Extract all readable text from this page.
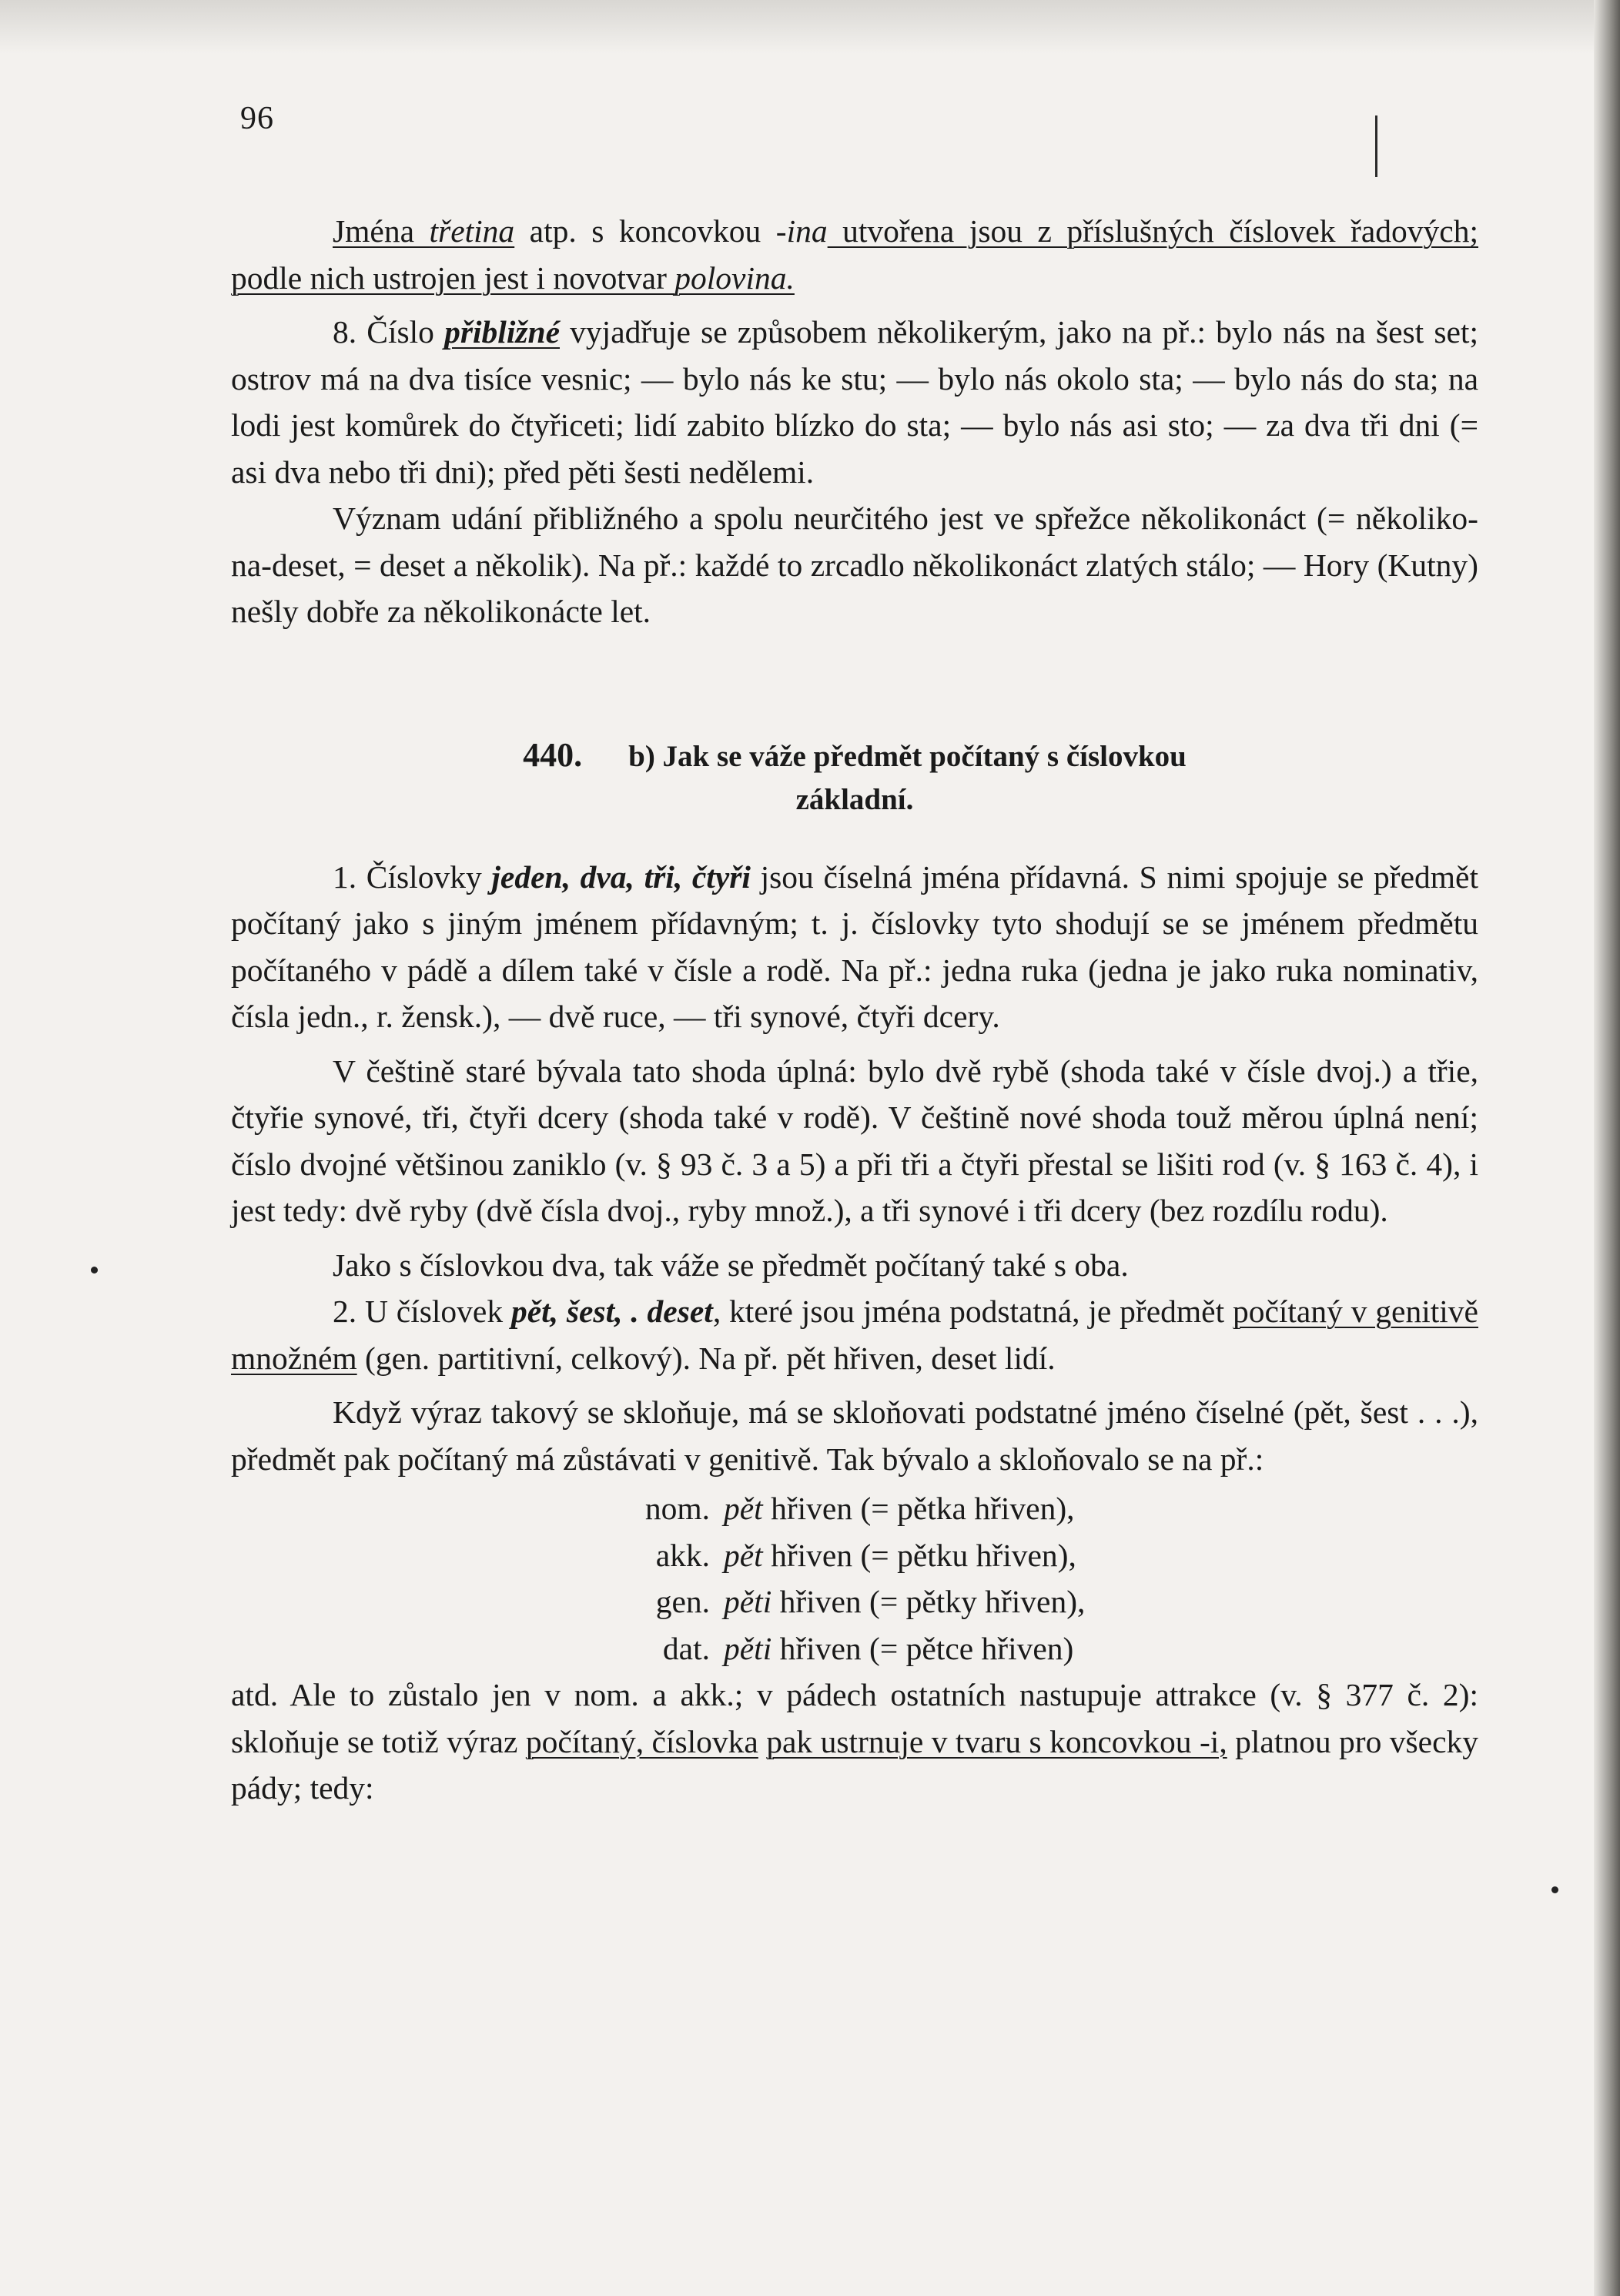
96

Jména třetina atp. s koncovkou -ina utvořena jsou z příslušných číslovek řadových; podle nich ustrojen jest i novotvar polovina.

8. Číslo přibližné vyjadřuje se způsobem několikerým, jako na př.: bylo nás na šest set; ostrov má na dva tisíce vesnic; — bylo nás ke stu; — bylo nás okolo sta; — bylo nás do sta; na lodi jest komůrek do čtyřiceti; lidí zabito blízko do sta; — bylo nás asi sto; — za dva tři dni (= asi dva nebo tři dni); před pěti šesti nedělemi.

Význam udání přibližného a spolu neurčitého jest ve spřežce několikonáct (= několiko-na-deset, = deset a několik). Na př.: každé to zrcadlo několikonáct zlatých stálo; — Hory (Kutny) nešly dobře za několikonácte let.

440. b) Jak se váže předmět počítaný s číslovkou
základní.

1. Číslovky jeden, dva, tři, čtyři jsou číselná jména přídavná. S nimi spojuje se předmět počítaný jako s jiným jménem přídavným; t. j. číslovky tyto shodují se se jménem předmětu počítaného v pádě a dílem také v čísle a rodě. Na př.: jedna ruka (jedna je jako ruka nominativ, čísla jedn., r. žensk.), — dvě ruce, — tři synové, čtyři dcery.

V češtině staré bývala tato shoda úplná: bylo dvě rybě (shoda také v čísle dvoj.) a třie, čtyřie synové, tři, čtyři dcery (shoda také v rodě). V češtině nové shoda touž měrou úplná není; číslo dvojné většinou zaniklo (v. § 93 č. 3 a 5) a při tři a čtyři přestal se lišiti rod (v. § 163 č. 4), i jest tedy: dvě ryby (dvě čísla dvoj., ryby množ.), a tři synové i tři dcery (bez rozdílu rodu).

Jako s číslovkou dva, tak váže se předmět počítaný také s oba.

2. U číslovek pět, šest, . deset, které jsou jména podstatná, je předmět počítaný v genitivě množném (gen. partitivní, celkový). Na př. pět hřiven, deset lidí.

Když výraz takový se skloňuje, má se skloňovati podstatné jméno číselné (pět, šest . . .), předmět pak počítaný má zůstávati v genitivě. Tak bývalo a skloňovalo se na př.:

nom. pět hřiven (= pětka hřiven),
akk. pět hřiven (= pětku hřiven),
gen. pěti hřiven (= pětky hřiven),
dat. pěti hřiven (= pětce hřiven)

atd. Ale to zůstalo jen v nom. a akk.; v pádech ostatních nastupuje attrakce (v. § 377 č. 2): skloňuje se totiž výraz počítaný, číslovka pak ustrnuje v tvaru s koncovkou -i, platnou pro všecky pády; tedy:
